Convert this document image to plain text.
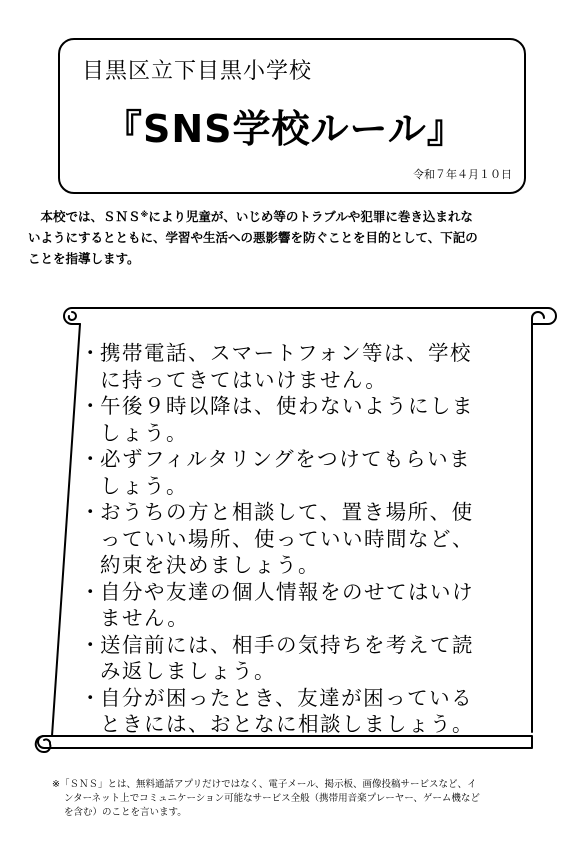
目黒区立下目黒小学校
『SNS学校ルール』
令和７年４月１０日

　本校では、ＳＮＳ※により児童が、いじめ等のトラブルや犯罪に巻き込まれな
いようにするとともに、学習や生活への悪影響を防ぐことを目的として、下記の
ことを指導します。

・
携帯電話、スマートフォン等は、学校
に持ってきてはいけません。
・
午後９時以降は、使わないようにしま
しょう。
・
必ずフィルタリングをつけてもらいま
しょう。
・
おうちの方と相談して、置き場所、使
っていい場所、使っていい時間など、
約束を決めましょう。
・
自分や友達の個人情報をのせてはいけ
ません。
・
送信前には、相手の気持ちを考えて読
み返しましょう。
・
自分が困ったとき、友達が困っている
ときには、おとなに相談しましょう。

※「ＳＮＳ」とは、無料通話アプリだけではなく、電子メール、掲示板、画像投稿サービスなど、イ
ンターネット上でコミュニケーション可能なサービス全般（携帯用音楽プレーヤー、ゲーム機など
を含む）のことを言います。
